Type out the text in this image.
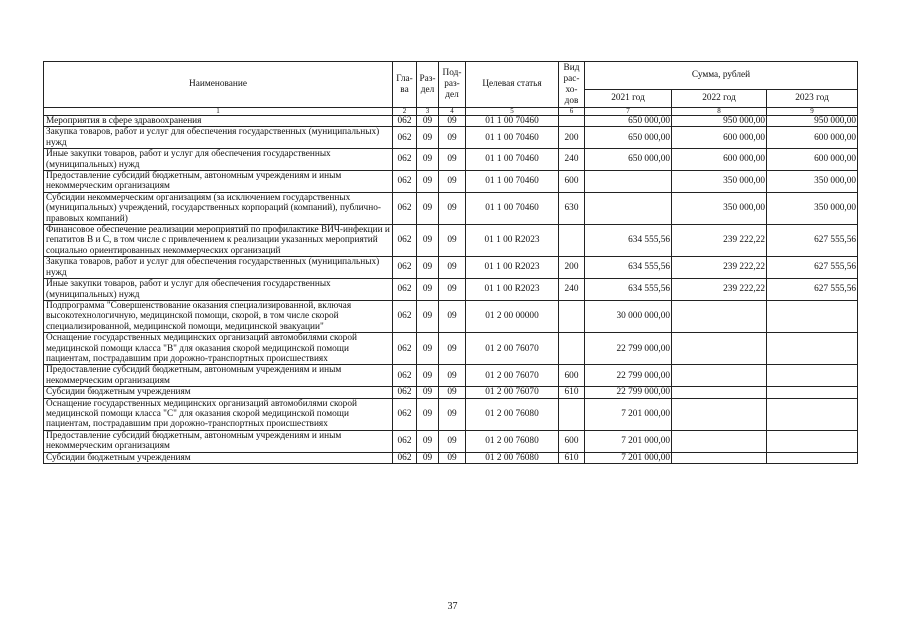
Наименование	Гла-ва	Раз-дел	Под-раз-дел	Целевая статья	Вид рас-хо-дов	Сумма, рублей		
						2021 год	2022 год	2023 год
1	2	3	4	5	6	7	8	9
Мероприятия в сфере здравоохранения	062	09	09	01 1 00 70460		650 000,00	950 000,00	950 000,00
Закупка товаров, работ и услуг для обеспечения государственных (муниципальных) нужд	062	09	09	01 1 00 70460	200	650 000,00	600 000,00	600 000,00
Иные закупки товаров, работ и услуг для обеспечения государственных (муниципальных) нужд	062	09	09	01 1 00 70460	240	650 000,00	600 000,00	600 000,00
Предоставление субсидий бюджетным, автономным учреждениям и иным некоммерческим организациям	062	09	09	01 1 00 70460	600		350 000,00	350 000,00
Субсидии некоммерческим организациям (за исключением государственных (муниципальных) учреждений, государственных корпораций (компаний), публично-правовых компаний)	062	09	09	01 1 00 70460	630		350 000,00	350 000,00
Финансовое обеспечение реализации мероприятий по профилактике ВИЧ-инфекции и гепатитов В и С, в том числе с привлечением к реализации указанных мероприятий социально ориентированных некоммерческих организаций	062	09	09	01 1 00 R2023		634 555,56	239 222,22	627 555,56
Закупка товаров, работ и услуг для обеспечения государственных (муниципальных) нужд	062	09	09	01 1 00 R2023	200	634 555,56	239 222,22	627 555,56
Иные закупки товаров, работ и услуг для обеспечения государственных (муниципальных) нужд	062	09	09	01 1 00 R2023	240	634 555,56	239 222,22	627 555,56
Подпрограмма "Совершенствование оказания специализированной, включая высокотехнологичную, медицинской помощи, скорой, в том числе скорой специализированной, медицинской помощи, медицинской эвакуации"	062	09	09	01 2 00 00000		30 000 000,00		
Оснащение государственных медицинских организаций автомобилями скорой медицинской помощи класса "В" для оказания скорой медицинской помощи пациентам, пострадавшим при дорожно-транспортных происшествиях	062	09	09	01 2 00 76070		22 799 000,00		
Предоставление субсидий бюджетным, автономным учреждениям и иным некоммерческим организациям	062	09	09	01 2 00 76070	600	22 799 000,00		
Субсидии бюджетным учреждениям	062	09	09	01 2 00 76070	610	22 799 000,00		
Оснащение государственных медицинских организаций автомобилями скорой медицинской помощи класса "С" для оказания скорой медицинской помощи пациентам, пострадавшим при дорожно-транспортных происшествиях	062	09	09	01 2 00 76080		7 201 000,00		
Предоставление субсидий бюджетным, автономным учреждениям и иным некоммерческим организациям	062	09	09	01 2 00 76080	600	7 201 000,00		
Субсидии бюджетным учреждениям	062	09	09	01 2 00 76080	610	7 201 000,00		
37
